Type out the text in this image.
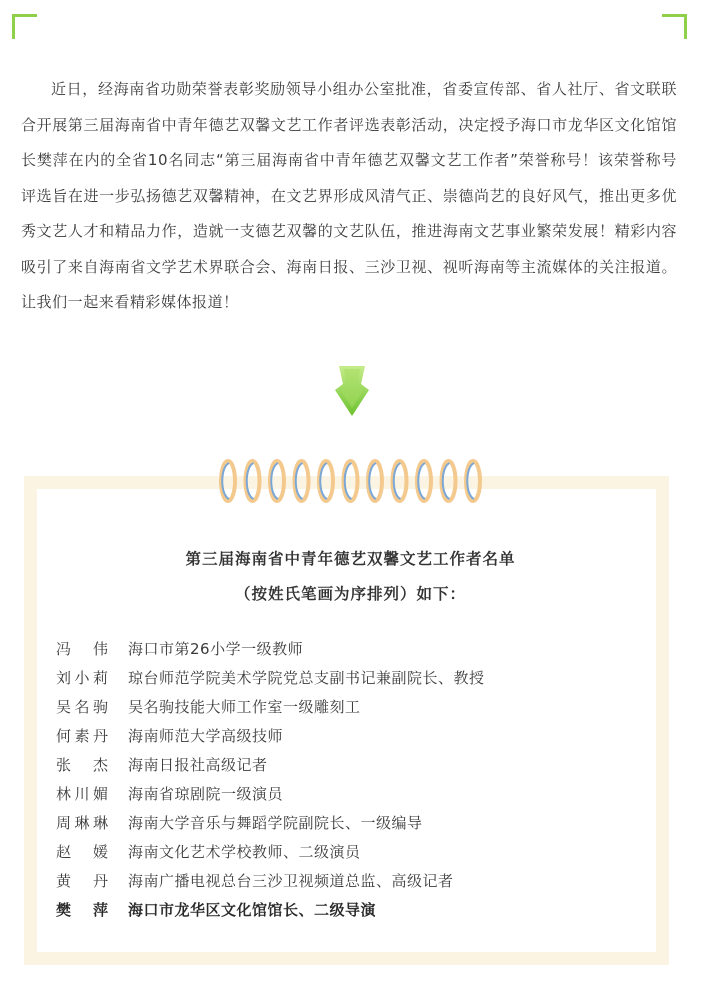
近日，经海南省功勋荣誉表彰奖励领导小组办公室批准，省委宣传部、省人社厅、省文联联合开展第三届海南省中青年德艺双馨文艺工作者评选表彰活动，决定授予海口市龙华区文化馆馆长樊萍在内的全省10名同志“第三届海南省中青年德艺双馨文艺工作者”荣誉称号！该荣誉称号评选旨在进一步弘扬德艺双馨精神，在文艺界形成风清气正、崇德尚艺的良好风气，推出更多优秀文艺人才和精品力作，造就一支德艺双馨的文艺队伍，推进海南文艺事业繁荣发展！精彩内容吸引了来自海南省文学艺术界联合会、海南日报、三沙卫视、视听海南等主流媒体的关注报道。让我们一起来看精彩媒体报道！

第三届海南省中青年德艺双馨文艺工作者名单

（按姓氏笔画为序排列）如下：

冯伟 海口市第26小学一级教师
刘小莉 琼台师范学院美术学院党总支副书记兼副院长、教授
吴名驹 吴名驹技能大师工作室一级雕刻工
何素丹 海南师范大学高级技师
张杰 海南日报社高级记者
林川媚 海南省琼剧院一级演员
周琳琳 海南大学音乐与舞蹈学院副院长、一级编导
赵媛 海南文化艺术学校教师、二级演员
黄丹 海南广播电视总台三沙卫视频道总监、高级记者
樊萍 海口市龙华区文化馆馆长、二级导演
